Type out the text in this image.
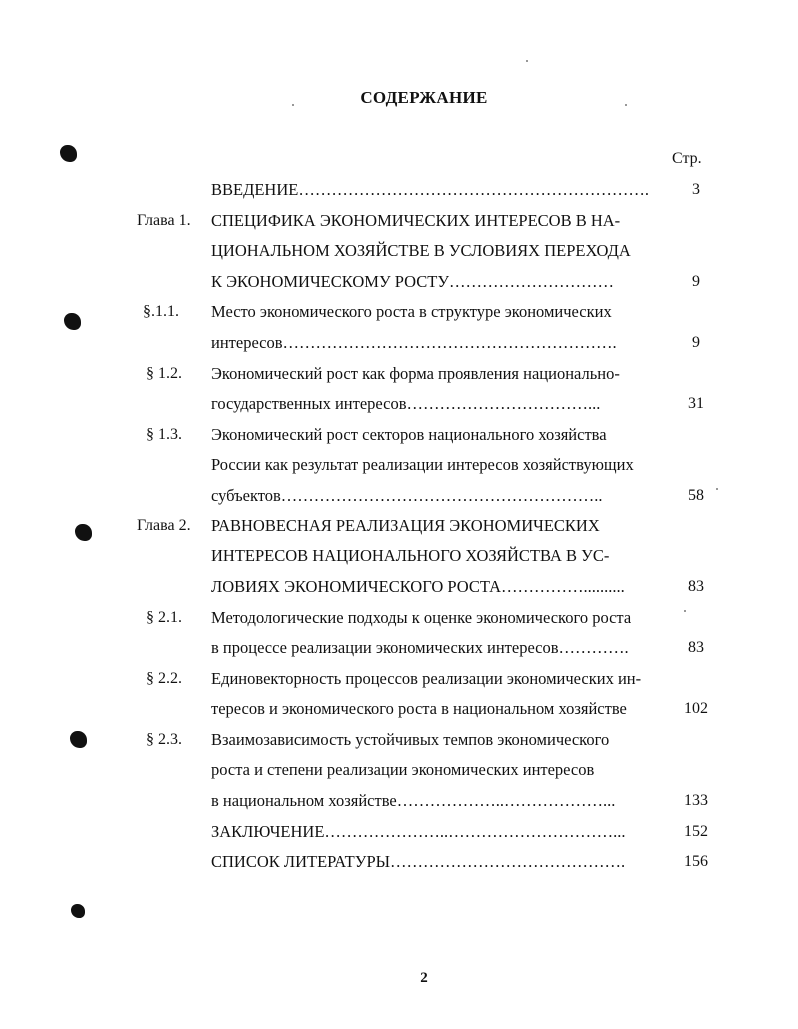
СОДЕРЖАНИЕ
Стр.
ВВЕДЕНИЕ……………………………………………………….	3
Глава 1. СПЕЦИФИКА ЭКОНОМИЧЕСКИХ ИНТЕРЕСОВ В НА-
ЦИОНАЛЬНОМ ХОЗЯЙСТВЕ В УСЛОВИЯХ ПЕРЕХОДА
К ЭКОНОМИЧЕСКОМУ РОСТУ…………………………	9
§.1.1. Место экономического роста в структуре экономических
интересов…………………………………………………….	9
§ 1.2. Экономический рост как форма проявления национально-
государственных интересов……………………………...	31
§ 1.3. Экономический рост секторов национального хозяйства
России как результат реализации интересов хозяйствующих
субъектов…………………………………………………..	58
Глава 2. РАВНОВЕСНАЯ РЕАЛИЗАЦИЯ ЭКОНОМИЧЕСКИХ
ИНТЕРЕСОВ НАЦИОНАЛЬНОГО ХОЗЯЙСТВА В УС-
ЛОВИЯХ ЭКОНОМИЧЕСКОГО РОСТА……………..........	83
§ 2.1. Методологические подходы к оценке экономического роста
в процессе реализации экономических интересов………….	83
§ 2.2. Единовекторность процессов реализации экономических ин-
тересов и экономического роста в национальном хозяйстве	102
§ 2.3. Взаимозависимость устойчивых темпов экономического
роста и степени реализации экономических интересов
в национальном хозяйстве………………..………………...	133
ЗАКЛЮЧЕНИЕ…………………..…………………………...	152
СПИСОК ЛИТЕРАТУРЫ…………………………………….	156
2
